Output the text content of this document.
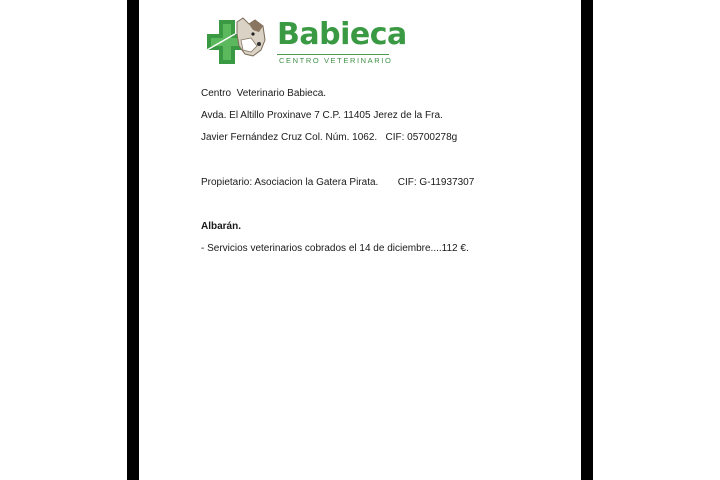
Babieca
CENTRO VETERINARIO
Centro  Veterinario Babieca.
Avda. El Altillo Proxinave 7 C.P. 11405 Jerez de la Fra.
Javier Fernández Cruz Col. Núm. 1062.   CIF: 05700278g
Propietario: Asociacion la Gatera Pirata.       CIF: G-11937307
Albarán.
- Servicios veterinarios cobrados el 14 de diciembre....112 €.
